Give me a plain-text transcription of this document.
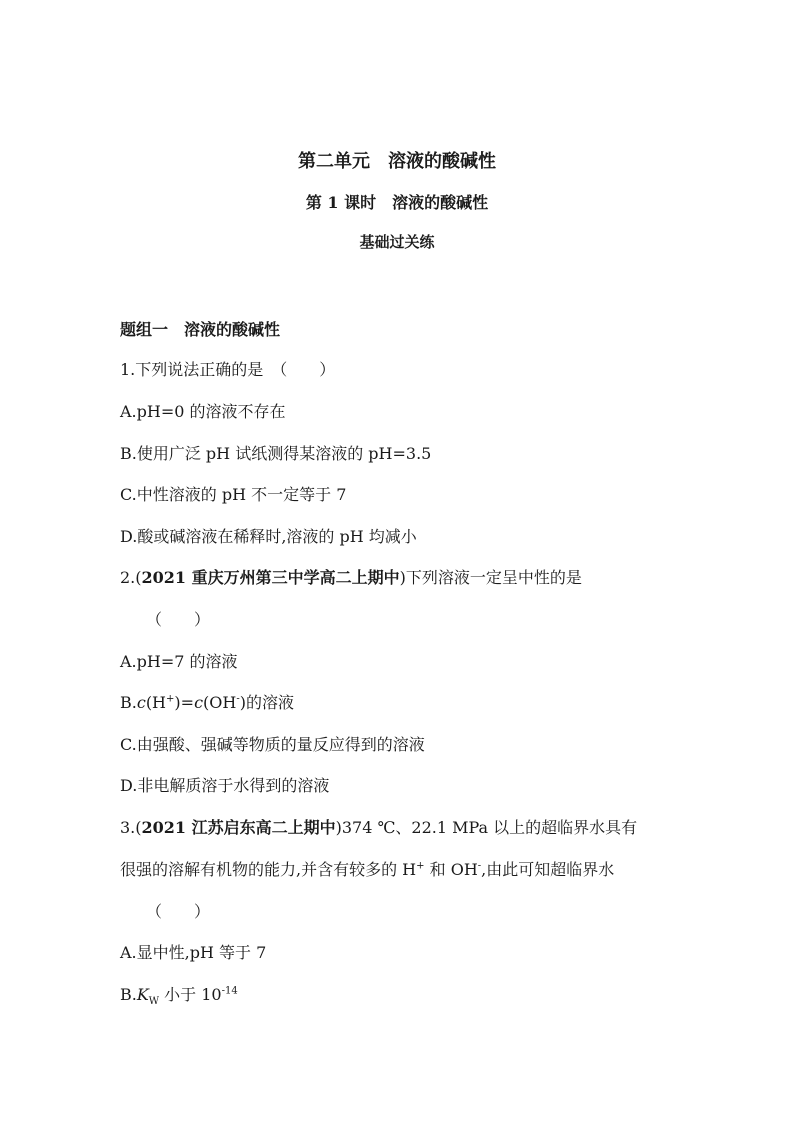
第二单元　溶液的酸碱性
第 1 课时　溶液的酸碱性
基础过关练
题组一　溶液的酸碱性
1.下列说法正确的是　（　　）
A.pH=0 的溶液不存在
B.使用广泛 pH 试纸测得某溶液的 pH=3.5
C.中性溶液的 pH 不一定等于 7
D.酸或碱溶液在稀释时,溶液的 pH 均减小
2.(2021 重庆万州第三中学高二上期中)下列溶液一定呈中性的是
（　　）
A.pH=7 的溶液
B.c(H+)=c(OH-)的溶液
C.由强酸、强碱等物质的量反应得到的溶液
D.非电解质溶于水得到的溶液
3.(2021 江苏启东高二上期中)374 ℃、22.1 MPa 以上的超临界水具有
很强的溶解有机物的能力,并含有较多的 H+ 和 OH-,由此可知超临界水
（　　）
A.显中性,pH 等于 7
$B.K_W$ 小于 $10^{-14}$
